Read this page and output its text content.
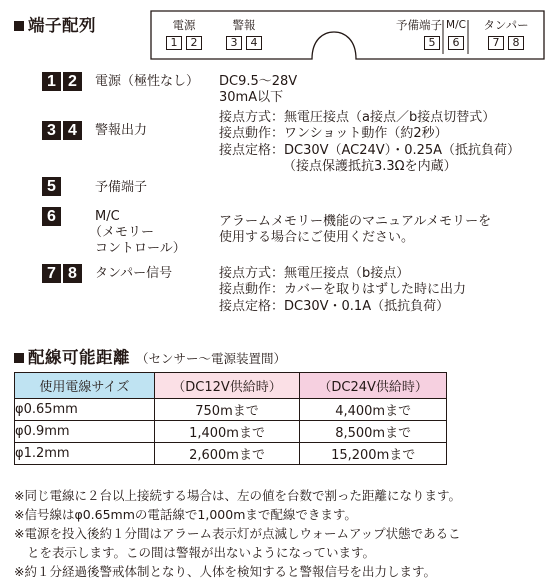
端子配列	電源
1 2
警報
3 4
予備端子
5
M/C
6
タンパー
7 8
1 2	電源（極性なし） DC9.5〜28V
30mA以下
3 4	警報出力
接点方式：無電圧接点（a接点／b接点切替式）
接点動作：ワンショット動作（約2秒）
接点定格：DC30V（AC24V）・0.25A（抵抗負荷）
（接点保護抵抗3.3Ωを内蔵）
5	予備端子
6	M/C
（メモリー
コントロール）
アラームメモリー機能のマニュアルメモリーを
使用する場合にご使用ください。
7 8	タンパー信号	接点方式：無電圧接点（b接点）
接点動作：カバーを取りはずした時に出力
接点定格：DC30V・0.1A（抵抗負荷）
配線可能距離 （センサー〜電源装置間）
使用電線サイズ	（DC12V供給時）	（DC24V供給時）
φ0.65mm	750mまで	4,400mまで
φ0.9mm	1,400mまで	8,500mまで
φ1.2mm	2,600mまで	15,200mまで
※同じ電線に２台以上接続する場合は、左の値を台数で割った距離になります。
※信号線はφ0.65mmの電話線で1,000mまで配線できます。
※電源を投入後約１分間はアラーム表示灯が点滅しウォームアップ状態であるこ
とを表示します。この間は警報が出ないようになっています。
※約１分経過後警戒体制となり、人体を検知すると警報信号を出力します。
